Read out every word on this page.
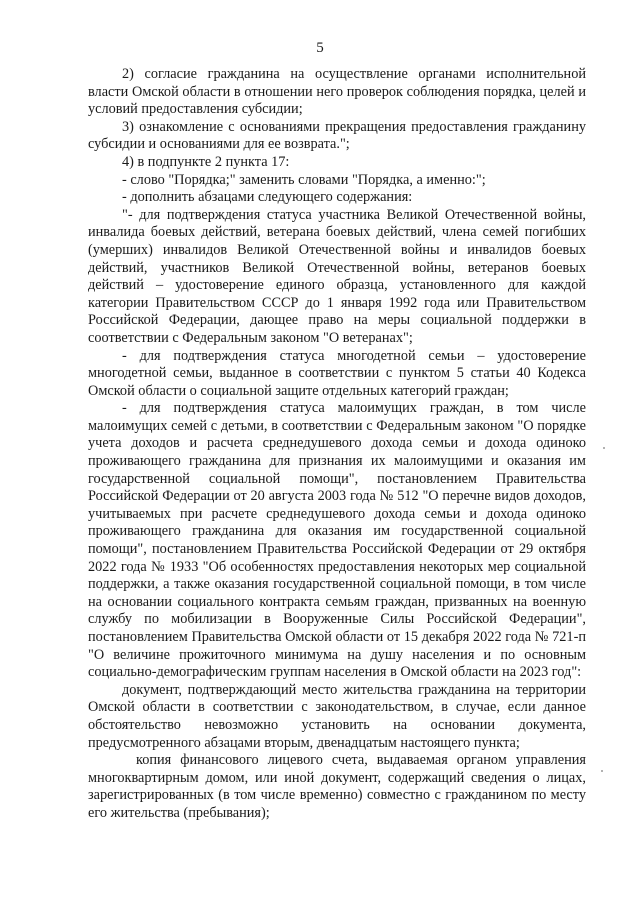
5

2) согласие гражданина на осуществление органами исполнительной власти Омской области в отношении него проверок соблюдения порядка, целей и условий предоставления субсидии;

3) ознакомление с основаниями прекращения предоставления гражданину субсидии и основаниями для ее возврата.";

4) в подпункте 2 пункта 17:

- слово "Порядка;" заменить словами "Порядка, а именно:";

- дополнить абзацами следующего содержания:

"- для подтверждения статуса участника Великой Отечественной войны, инвалида боевых действий, ветерана боевых действий, члена семей погибших (умерших) инвалидов Великой Отечественной войны и инвалидов боевых действий, участников Великой Отечественной войны, ветеранов боевых действий – удостоверение единого образца, установленного для каждой категории Правительством СССР до 1 января 1992 года или Правительством Российской Федерации, дающее право на меры социальной поддержки в соответствии с Федеральным законом "О ветеранах";

- для подтверждения статуса многодетной семьи – удостоверение многодетной семьи, выданное в соответствии с пунктом 5 статьи 40 Кодекса Омской области о социальной защите отдельных категорий граждан;

- для подтверждения статуса малоимущих граждан, в том числе малоимущих семей с детьми, в соответствии с Федеральным законом "О порядке учета доходов и расчета среднедушевого дохода семьи и дохода одиноко проживающего гражданина для признания их малоимущими и оказания им государственной социальной помощи", постановлением Правительства Российской Федерации от 20 августа 2003 года № 512 "О перечне видов доходов, учитываемых при расчете среднедушевого дохода семьи и дохода одиноко проживающего гражданина для оказания им государственной социальной помощи", постановлением Правительства Российской Федерации от 29 октября 2022 года № 1933 "Об особенностях предоставления некоторых мер социальной поддержки, а также оказания государственной социальной помощи, в том числе на основании социального контракта семьям граждан, призванных на военную службу по мобилизации в Вооруженные Силы Российской Федерации", постановлением Правительства Омской области от 15 декабря 2022 года № 721-п "О величине прожиточного минимума на душу населения и по основным социально-демографическим группам населения в Омской области на 2023 год":

документ, подтверждающий место жительства гражданина на территории Омской области в соответствии с законодательством, в случае, если данное обстоятельство невозможно установить на основании документа, предусмотренного абзацами вторым, двенадцатым настоящего пункта;

копия финансового лицевого счета, выдаваемая органом управления многоквартирным домом, или иной документ, содержащий сведения о лицах, зарегистрированных (в том числе временно) совместно с гражданином по месту его жительства (пребывания);
